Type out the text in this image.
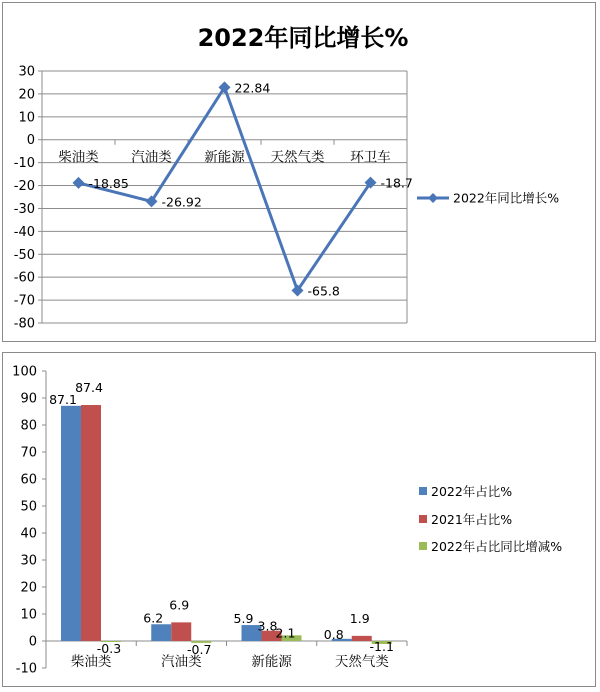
2022年同比增长%
30
20
10
0
-10
-20
-30
-40
-50
-60
-70
-80
柴油类 汽油类 新能源 天然气类 环卫车
-18.85
-26.92
22.84
-65.8
-18.7
2022年同比增长%
100
90
80
70
60
50
40
30
20
10
0
-10
87.1
6.2	5.9
0.8
87.4
6.9
3.8
1.9
-0.3	-0.7
2.1
-1.1
柴油类	汽油类	新能源	天然气类
2022年占比%
2021年占比%
2022年占比同比增减%
